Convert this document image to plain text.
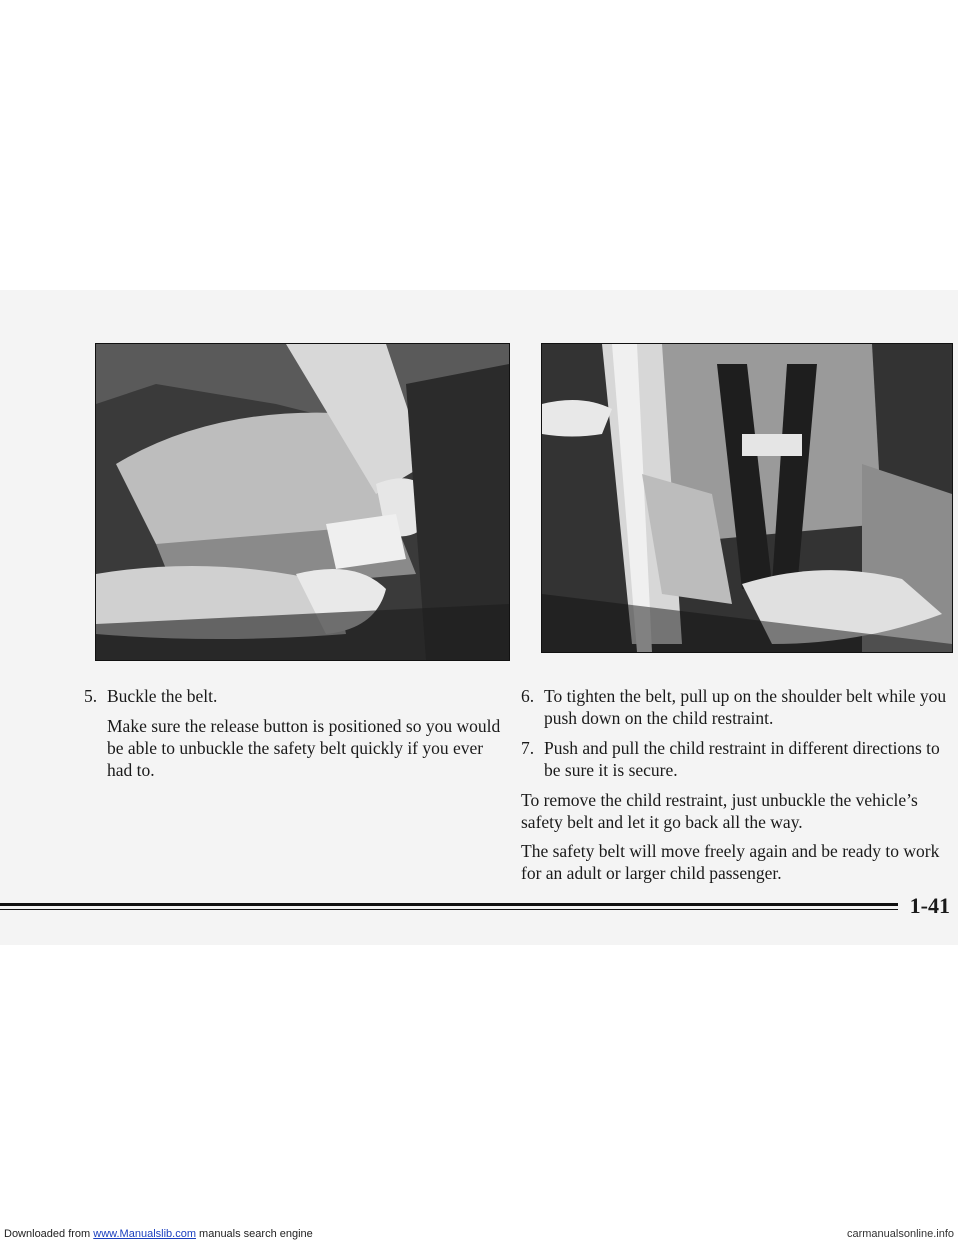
5. Buckle the belt.
Make sure the release button is positioned so you would be able to unbuckle the safety belt quickly if you ever had to.
6. To tighten the belt, pull up on the shoulder belt while you push down on the child restraint.
7. Push and pull the child restraint in different directions to be sure it is secure.

To remove the child restraint, just unbuckle the vehicle’s safety belt and let it go back all the way.

The safety belt will move freely again and be ready to work for an adult or larger child passenger.

1-41
Downloaded from www.Manualslib.com manuals search engine	carmanualsonline.info
